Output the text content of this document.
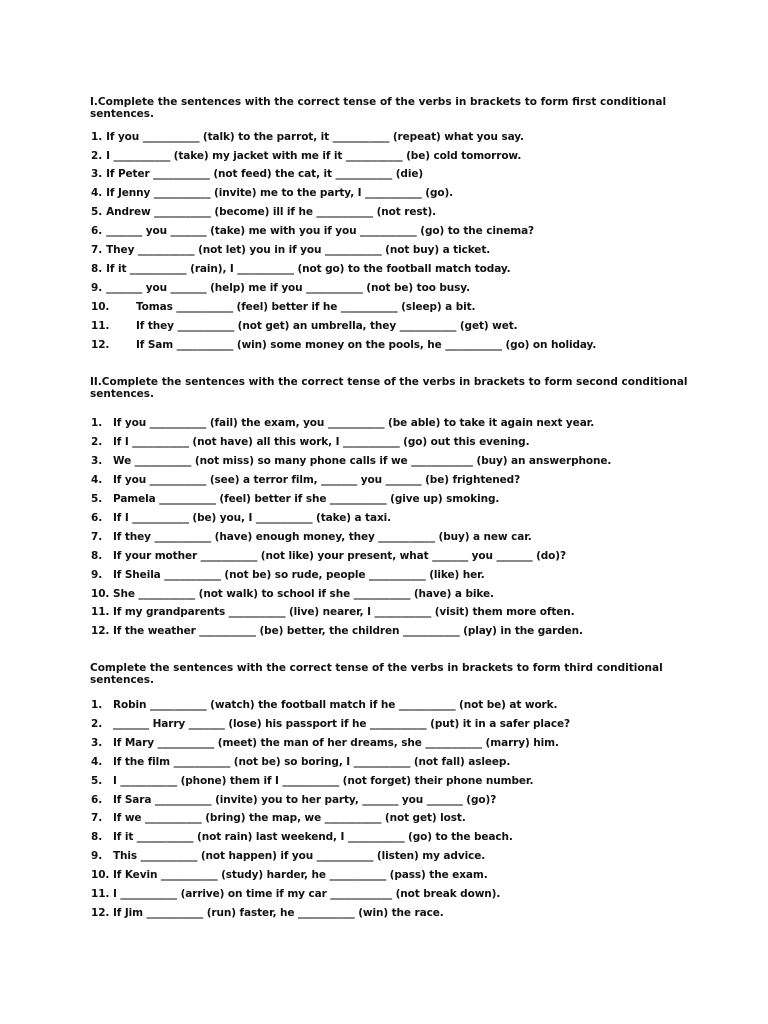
I.Complete the sentences with the correct tense of the verbs in brackets to form first conditional sentences.
1. If you ___________ (talk) to the parrot, it ___________ (repeat) what you say.
2. I ___________ (take) my jacket with me if it ___________ (be) cold tomorrow.
3. If Peter ___________ (not feed) the cat, it ___________ (die)
4. If Jenny ___________ (invite) me to the party, I ___________ (go).
5. Andrew ___________ (become) ill if he ___________ (not rest).
6. _______ you _______ (take) me with you if you ___________ (go) to the cinema?
7. They ___________ (not let) you in if you ___________ (not buy) a ticket.
8. If it ___________ (rain), I ___________ (not go) to the football match today.
9. _______ you _______ (help) me if you ___________ (not be) too busy.
10.	Tomas ___________ (feel) better if he ___________ (sleep) a bit.
11.	If they ___________ (not get) an umbrella, they ___________ (get) wet.
12.	If Sam ___________ (win) some money on the pools, he ___________ (go) on holiday.
II.Complete the sentences with the correct tense of the verbs in brackets to form second conditional sentences.
1. If you ___________ (fail) the exam, you ___________ (be able) to take it again next year.
2. If I ___________ (not have) all this work, I ___________ (go) out this evening.
3. We ___________ (not miss) so many phone calls if we ____________ (buy) an answerphone.
4. If you ___________ (see) a terror film, _______ you _______ (be) frightened?
5. Pamela ___________ (feel) better if she ___________ (give up) smoking.
6. If I ___________ (be) you, I ___________ (take) a taxi.
7. If they ___________ (have) enough money, they ___________ (buy) a new car.
8. If your mother ___________ (not like) your present, what _______ you _______ (do)?
9. If Sheila ___________ (not be) so rude, people ___________ (like) her.
10. She ___________ (not walk) to school if she ___________ (have) a bike.
11. If my grandparents ___________ (live) nearer, I ___________ (visit) them more often.
12. If the weather ___________ (be) better, the children ___________ (play) in the garden.
Complete the sentences with the correct tense of the verbs in brackets to form third conditional sentences.
1. Robin ___________ (watch) the football match if he ___________ (not be) at work.
2. _______ Harry _______ (lose) his passport if he ___________ (put) it in a safer place?
3. If Mary ___________ (meet) the man of her dreams, she ___________ (marry) him.
4. If the film ___________ (not be) so boring, I ___________ (not fall) asleep.
5. I ___________ (phone) them if I ___________ (not forget) their phone number.
6. If Sara ___________ (invite) you to her party, _______ you _______ (go)?
7. If we ___________ (bring) the map, we ___________ (not get) lost.
8. If it ___________ (not rain) last weekend, I ___________ (go) to the beach.
9. This ___________ (not happen) if you ___________ (listen) my advice.
10. If Kevin ___________ (study) harder, he ___________ (pass) the exam.
11. I ___________ (arrive) on time if my car ____________ (not break down).
12. If Jim ___________ (run) faster, he ___________ (win) the race.
